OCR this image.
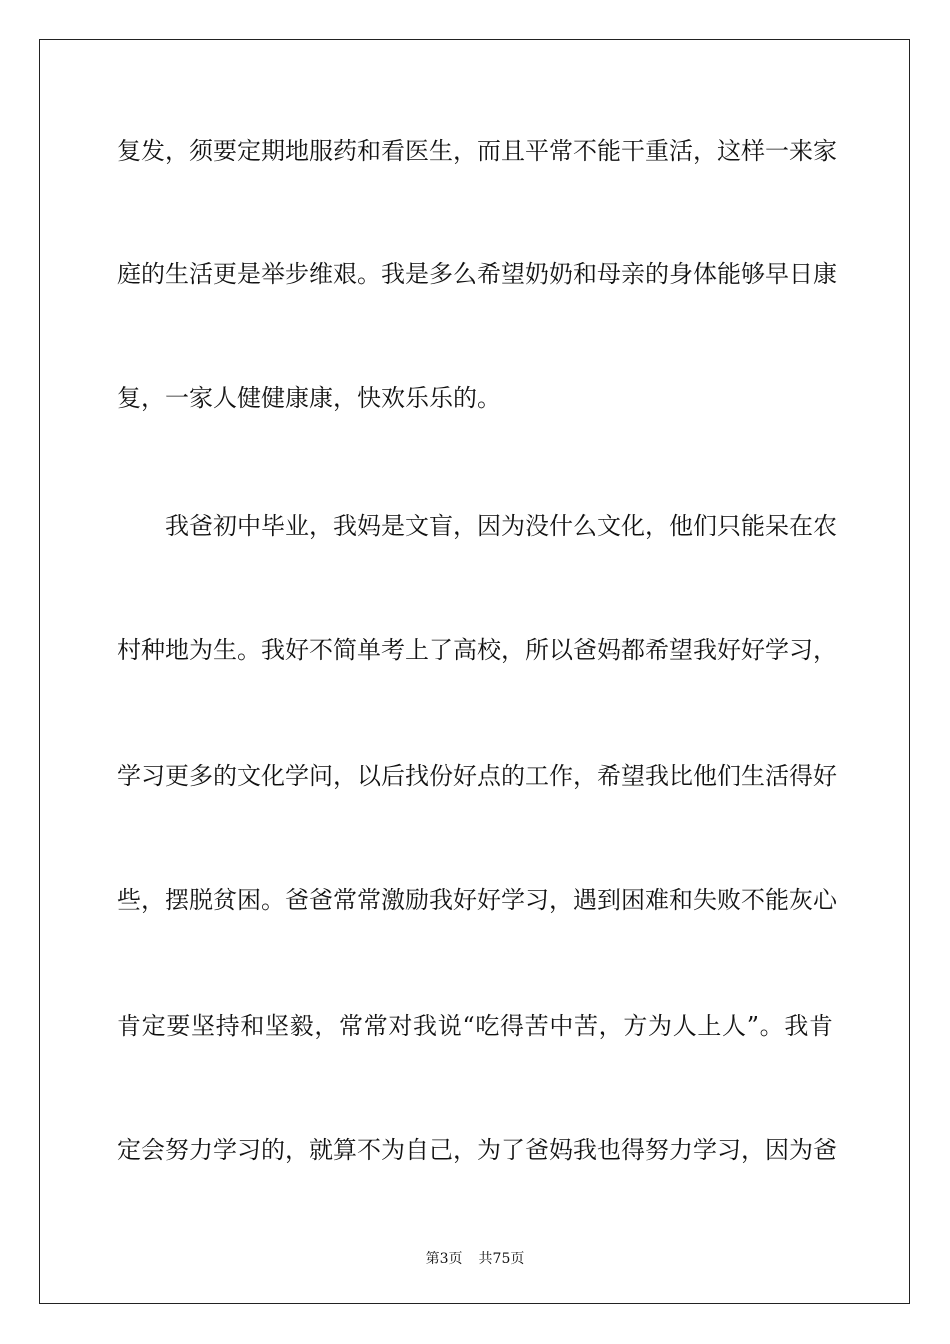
复发，须要定期地服药和看医生，而且平常不能干重活，这样一来家
庭的生活更是举步维艰。我是多么希望奶奶和母亲的身体能够早日康
复，一家人健健康康，快欢乐乐的。
我爸初中毕业，我妈是文盲，因为没什么文化，他们只能呆在农
村种地为生。我好不简单考上了高校，所以爸妈都希望我好好学习，
学习更多的文化学问，以后找份好点的工作，希望我比他们生活得好
些，摆脱贫困。爸爸常常激励我好好学习，遇到困难和失败不能灰心
肯定要坚持和坚毅，常常对我说“吃得苦中苦，方为人上人”。我肯
定会努力学习的，就算不为自己，为了爸妈我也得努力学习，因为爸
第3页 共75页
